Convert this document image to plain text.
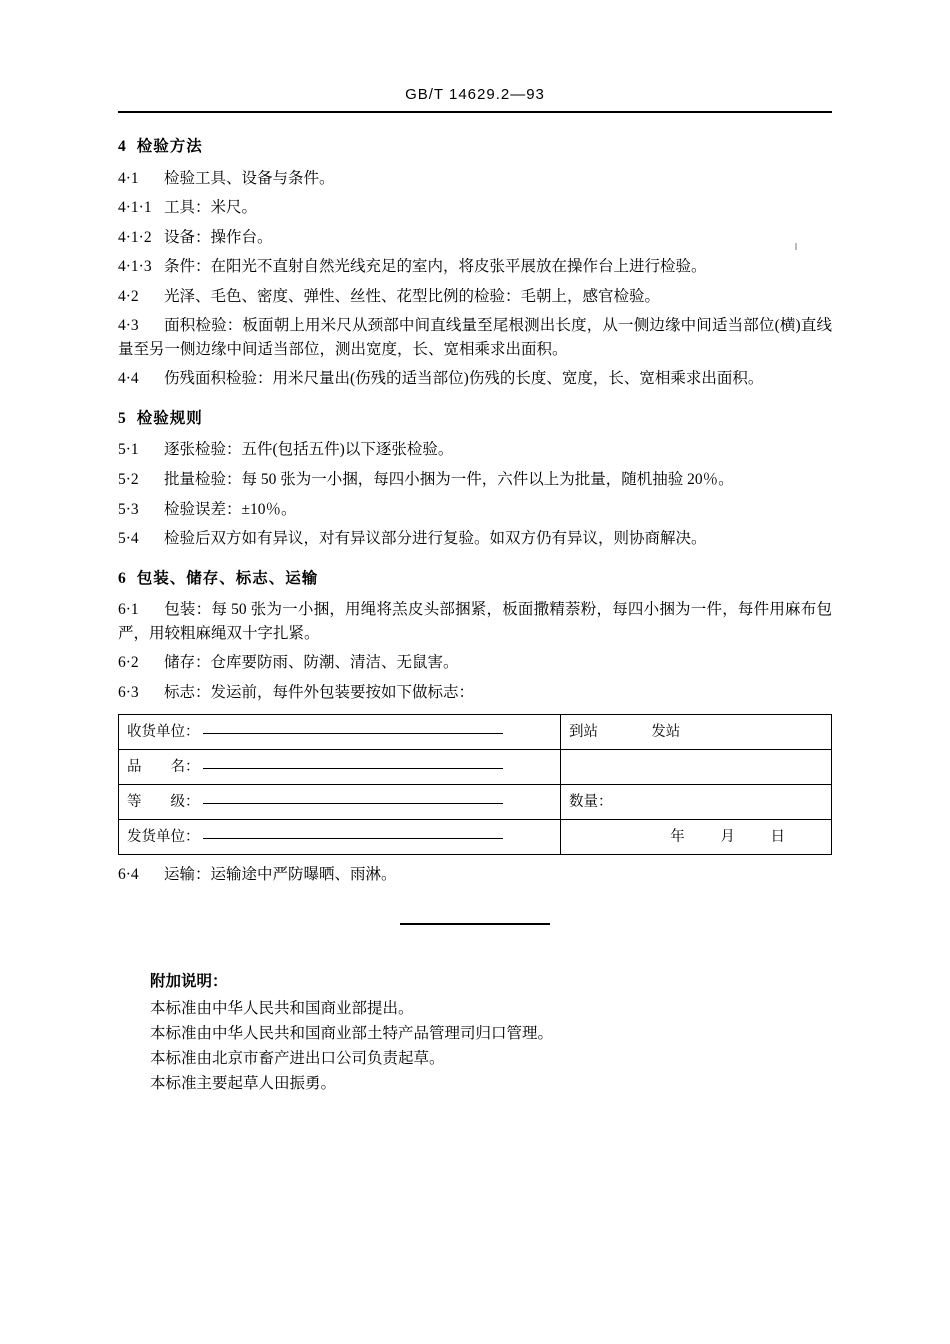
GB/T 14629.2—93
4 检验方法

4·1 检验工具、设备与条件。

4·1·1 工具：米尺。

4·1·2 设备：操作台。

4·1·3 条件：在阳光不直射自然光线充足的室内，将皮张平展放在操作台上进行检验。

4·2 光泽、毛色、密度、弹性、丝性、花型比例的检验：毛朝上，感官检验。

4·3 面积检验：板面朝上用米尺从颈部中间直线量至尾根测出长度，从一侧边缘中间适当部位(横)直线量至另一侧边缘中间适当部位，测出宽度，长、宽相乘求出面积。

4·4 伤残面积检验：用米尺量出(伤残的适当部位)伤残的长度、宽度，长、宽相乘求出面积。

5 检验规则

5·1 逐张检验：五件(包括五件)以下逐张检验。

5·2 批量检验：每 50 张为一小捆，每四小捆为一件，六件以上为批量，随机抽验 20％。

5·3 检验误差：±10％。

5·4 检验后双方如有异议，对有异议部分进行复验。如双方仍有异议，则协商解决。

6 包装、储存、标志、运输

6·1 包装：每 50 张为一小捆，用绳将羔皮头部捆紧，板面撒精萘粉，每四小捆为一件，每件用麻布包严，用较粗麻绳双十字扎紧。

6·2 储存：仓库要防雨、防潮、清洁、无鼠害。

6·3 标志：发运前，每件外包装要按如下做标志：

收货单位：	到站 发站
品　　名：	
等　　级：	数量：
发货单位：	年 月 日

6·4 运输：运输途中严防曝晒、雨淋。

附加说明：

本标准由中华人民共和国商业部提出。

本标准由中华人民共和国商业部土特产品管理司归口管理。

本标准由北京市畜产进出口公司负责起草。

本标准主要起草人田振勇。
